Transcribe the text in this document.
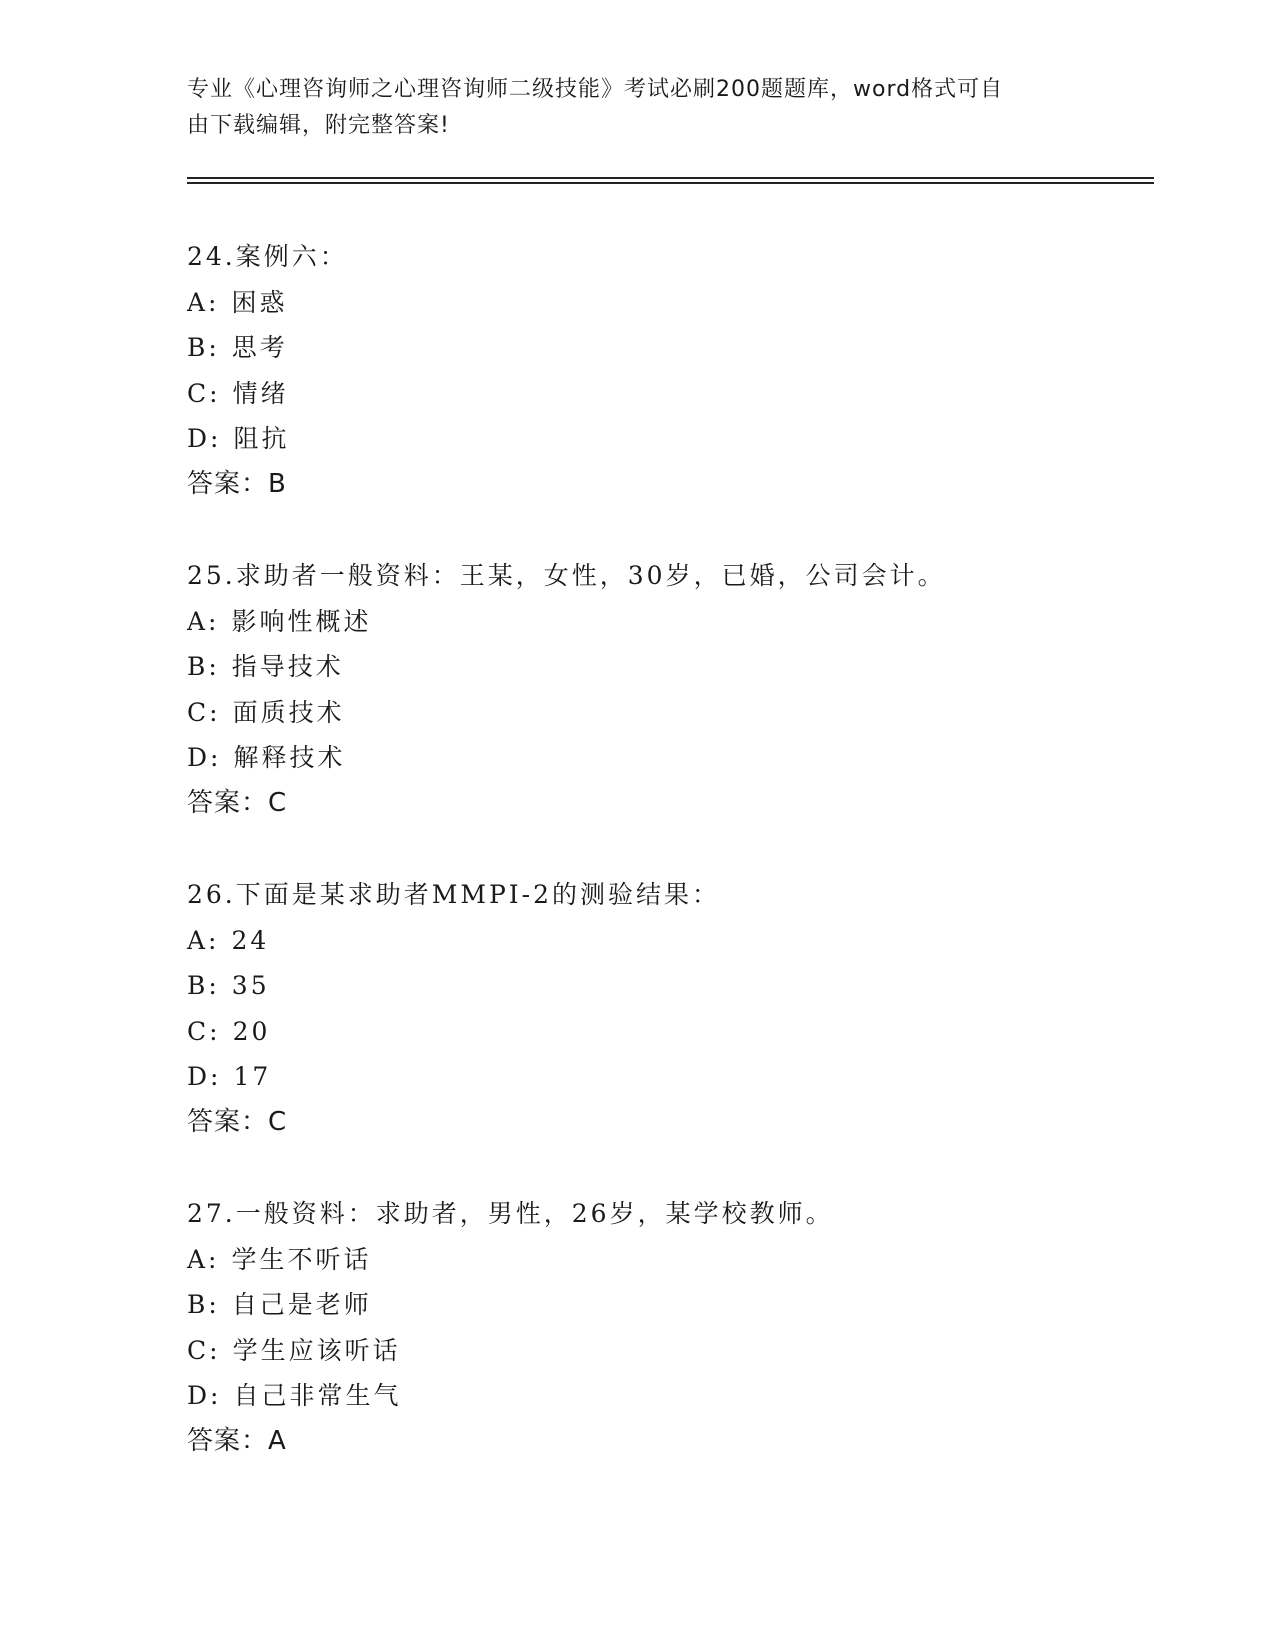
专业《心理咨询师之心理咨询师二级技能》考试必刷200题题库，word格式可自
由下载编辑，附完整答案!
24.案例六：
A: 困惑
B: 思考
C: 情绪
D: 阻抗
答案：B
25.求助者一般资料：王某，女性，30岁，已婚，公司会计。
A: 影响性概述
B: 指导技术
C: 面质技术
D: 解释技术
答案：C
26.下面是某求助者MMPI-2的测验结果：
A: 24
B: 35
C: 20
D: 17
答案：C
27.一般资料：求助者，男性，26岁，某学校教师。
A: 学生不听话
B: 自己是老师
C: 学生应该听话
D: 自己非常生气
答案：A
